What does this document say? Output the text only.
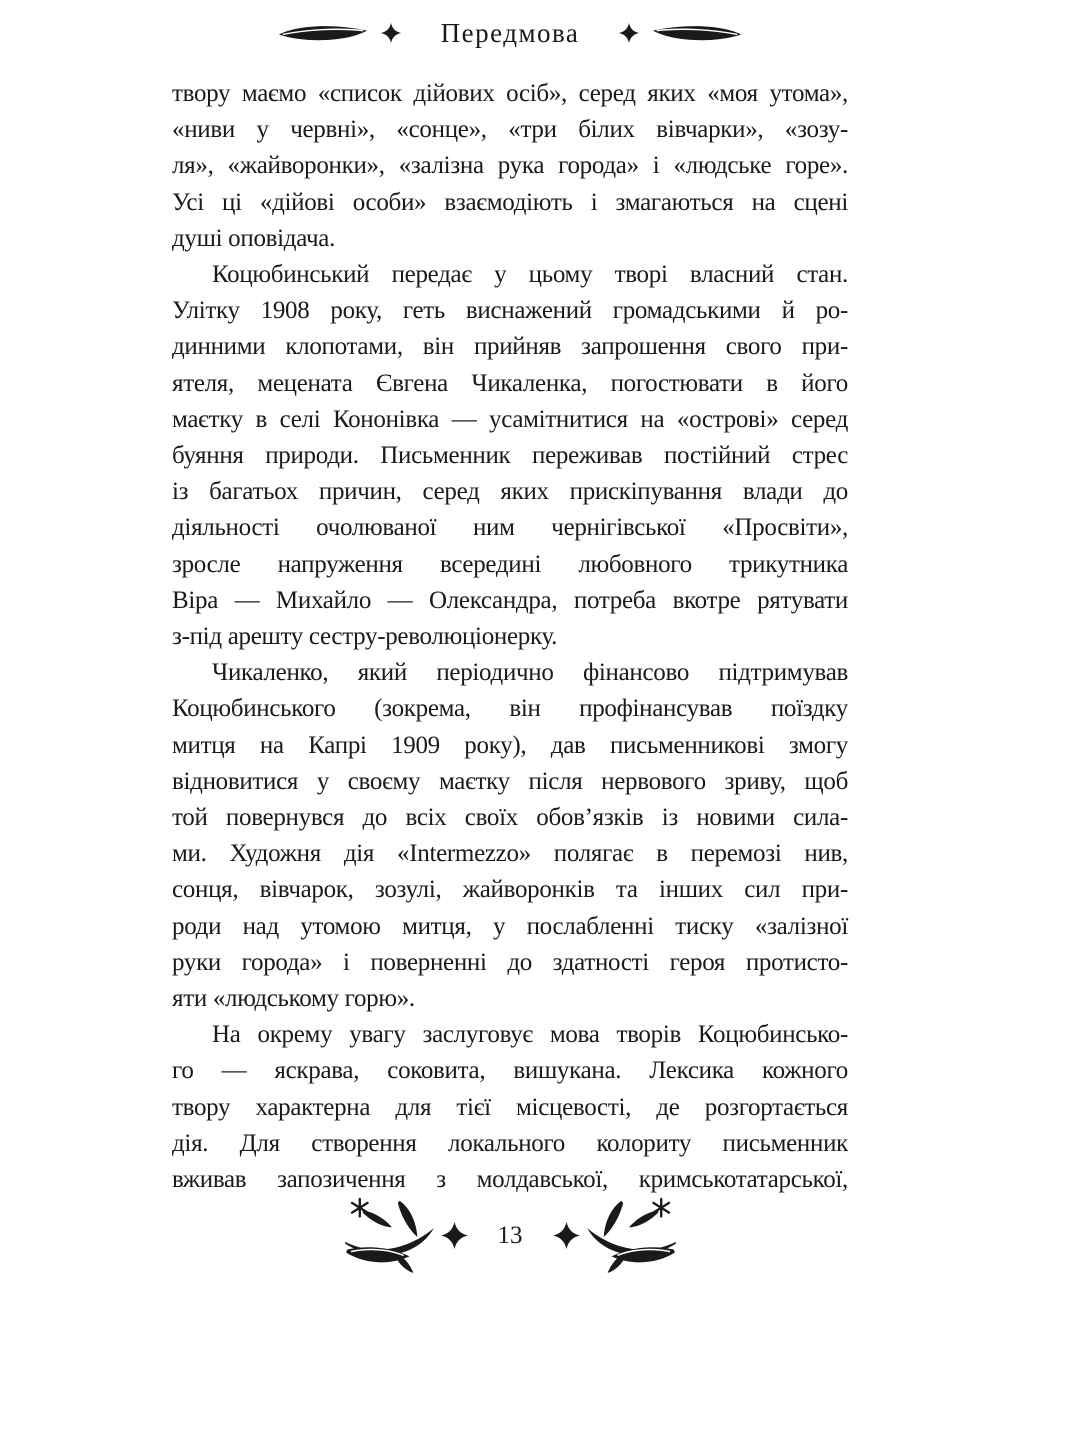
Передмова
твору маємо «список дійових осіб», серед яких «моя утома»,
«ниви у червні», «сонце», «три білих вівчарки», «зозу-
ля», «жайворонки», «залізна рука города» і «людське горе».
Усі ці «дійові особи» взаємодіють і змагаються на сцені
душі оповідача.
Коцюбинський передає у цьому творі власний стан.
Улітку 1908 року, геть виснажений громадськими й ро-
динними клопотами, він прийняв запрошення свого при-
ятеля, мецената Євгена Чикаленка, погостювати в його
маєтку в селі Кононівка — усамітнитися на «острові» серед
буяння природи. Письменник переживав постійний стрес
із багатьох причин, серед яких прискіпування влади до
діяльності очолюваної ним чернігівської «Просвіти»,
зросле напруження всередині любовного трикутника
Віра — Михайло — Олександра, потреба вкотре рятувати
з-під арешту сестру-революціонерку.
Чикаленко, який періодично фінансово підтримував
Коцюбинського (зокрема, він профінансував поїздку
митця на Капрі 1909 року), дав письменникові змогу
відновитися у своєму маєтку після нервового зриву, щоб
той повернувся до всіх своїх обов’язків із новими сила-
ми. Художня дія «Intermezzo» полягає в перемозі нив,
сонця, вівчарок, зозулі, жайворонків та інших сил при-
роди над утомою митця, у послабленні тиску «залізної
руки города» і поверненні до здатності героя протисто-
яти «людському горю».
На окрему увагу заслуговує мова творів Коцюбинсько-
го — яскрава, соковита, вишукана. Лексика кожного
твору характерна для тієї місцевості, де розгортається
дія. Для створення локального колориту письменник
вживав запозичення з молдавської, кримськотатарської,
13
